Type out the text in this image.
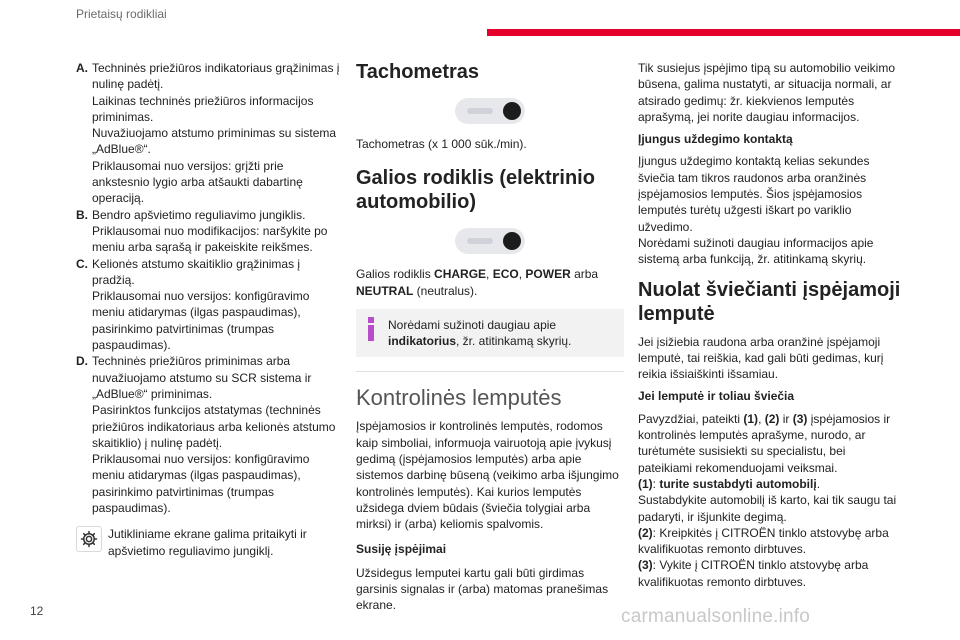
Prietaisų rodikliai
A. Techninės priežiūros indikatoriaus grąžinimas į nulinę padėtį.
Laikinas techninės priežiūros informacijos priminimas.
Nuvažiuojamo atstumo priminimas su sistema „AdBlue®“.
Priklausomai nuo versijos: grįžti prie ankstesnio lygio arba atšaukti dabartinę operaciją.
B. Bendro apšvietimo reguliavimo jungiklis.
Priklausomai nuo modifikacijos: naršykite po meniu arba sąrašą ir pakeiskite reikšmes.
C. Kelionės atstumo skaitiklio grąžinimas į pradžią.
Priklausomai nuo versijos: konfigūravimo meniu atidarymas (ilgas paspaudimas), pasirinkimo patvirtinimas (trumpas paspaudimas).
D. Techninės priežiūros priminimas arba nuvažiuojamo atstumo su SCR sistema ir „AdBlue®“ priminimas.
Pasirinktos funkcijos atstatymas (techninės priežiūros indikatoriaus arba kelionės atstumo skaitiklio) į nulinę padėtį.
Priklausomai nuo versijos: konfigūravimo meniu atidarymas (ilgas paspaudimas), pasirinkimo patvirtinimas (trumpas paspaudimas).
Jutikliniame ekrane galima pritaikyti ir apšvietimo reguliavimo jungiklį.
Tachometras

Tachometras (x 1 000 sūk./min).

Galios rodiklis (elektrinio automobilio)

Galios rodiklis CHARGE, ECO, POWER arba NEUTRAL (neutralus).

Norėdami sužinoti daugiau apie indikatorius, žr. atitinkamą skyrių.

Kontrolinės lemputės

Įspėjamosios ir kontrolinės lemputės, rodomos kaip simboliai, informuoja vairuotoją apie įvykusį gedimą (įspėjamosios lemputės) arba apie sistemos darbinę būseną (veikimo arba išjungimo kontrolinės lemputės). Kai kurios lemputės užsidega dviem būdais (šviečia tolygiai arba mirksi) ir (arba) keliomis spalvomis.

Susiję įspėjimai

Užsidegus lemputei kartu gali būti girdimas garsinis signalas ir (arba) matomas pranešimas ekrane.

Tik susiejus įspėjimo tipą su automobilio veikimo būsena, galima nustatyti, ar situacija normali, ar atsirado gedimų: žr. kiekvienos lemputės aprašymą, jei norite daugiau informacijos.

Įjungus uždegimo kontaktą

Įjungus uždegimo kontaktą kelias sekundes šviečia tam tikros raudonos arba oranžinės įspėjamosios lemputės. Šios įspėjamosios lemputės turėtų užgesti iškart po variklio užvedimo.
Norėdami sužinoti daugiau informacijos apie sistemą arba funkciją, žr. atitinkamą skyrių.

Nuolat šviečianti įspėjamoji lemputė

Jei įsižiebia raudona arba oranžinė įspėjamoji lemputė, tai reiškia, kad gali būti gedimas, kurį reikia išsiaiškinti išsamiau.

Jei lemputė ir toliau šviečia

Pavyzdžiai, pateikti (1), (2) ir (3) įspėjamosios ir kontrolinės lemputės aprašyme, nurodo, ar turėtumėte susisiekti su specialistu, bei pateikiami rekomenduojami veiksmai.

(1): turite sustabdyti automobilį.
Sustabdykite automobilį iš karto, kai tik saugu tai padaryti, ir išjunkite degimą.

(2): Kreipkitės į CITROËN tinklo atstovybę arba kvalifikuotas remonto dirbtuves.

(3): Vykite į CITROËN tinklo atstovybę arba kvalifikuotas remonto dirbtuves.

12	carmanualsonline.info
